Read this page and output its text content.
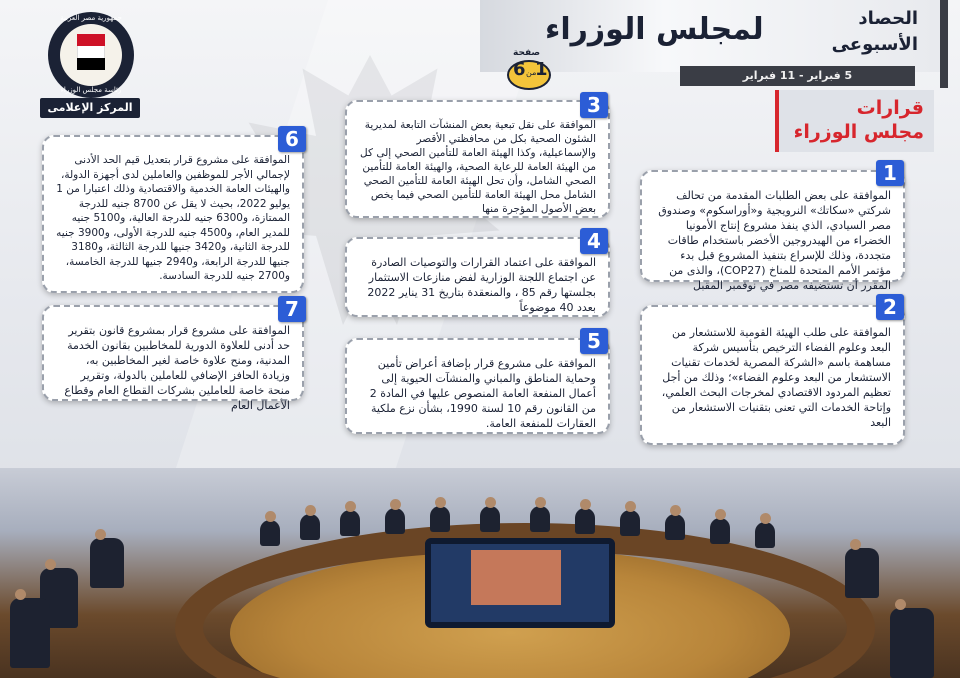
لمجلس الوزراء	الحصاد
الأسبوعى
5 فبراير - 11 فبراير
صفحة
1
من
6
قرارات
مجلس الوزراء
جمهورية مصر العربية
رئاسة مجلس الوزراء
المركز الإعلامى
الموافقة على بعض الطلبات المقدمة من تحالف شركتي «سكاتك» النرويجية و«أوراسكوم» وصندوق مصر السيادي، الذي ينفذ مشروع إنتاج الأمونيا الخضراء من الهيدروجين الأخضر باستخدام طاقات متجددة، وذلك للإسراع بتنفيذ المشروع قبل بدء مؤتمر الأمم المتحدة للمناخ (COP27)، والذى من المقرر أن تستضيفه مصر في نوفمبر المقبل
1
الموافقة على طلب الهيئة القومية للاستشعار من البعد وعلوم الفضاء الترخيص بتأسيس شركة مساهمة باسم «الشركة المصرية لخدمات تقنيات الاستشعار من البعد وعلوم الفضاء»؛ وذلك من أجل تعظيم المردود الاقتصادي لمخرجات البحث العلمي، وإتاحة الخدمات التي تعنى بتقنيات الاستشعار من البعد
2
الموافقة على نقل تبعية بعض المنشآت التابعة لمديرية الشئون الصحية بكل من محافظتي الأقصر والإسماعيلية، وكذا الهيئة العامة للتأمين الصحي إلى كل من الهيئة العامة للرعاية الصحية، والهيئة العامة للتأمين الصحي الشامل، وأن تحل الهيئة العامة للتأمين الصحي الشامل محل الهيئة العامة للتأمين الصحي فيما يخص بعض الأصول المؤجرة منها
3
الموافقة على اعتماد القرارات والتوصيات الصادرة عن اجتماع اللجنة الوزارية لفض منازعات الاستثمار بجلستها رقم 85 ، والمنعقدة بتاريخ 31 يناير 2022 بعدد 40 موضوعاً
4
الموافقة على مشروع قرار بإضافة أعراض تأمين وحماية المناطق والمباني والمنشآت الحيوية إلى أعمال المنفعة العامة المنصوص عليها في المادة 2 من القانون رقم 10 لسنة 1990، بشأن نزع ملكية العقارات للمنفعة العامة.
5
الموافقة على مشروع قرار بتعديل قيم الحد الأدنى لإجمالي الأجر للموظفين والعاملين لدى أجهزة الدولة، والهيئات العامة الخدمية والاقتصادية وذلك اعتبارا من 1 يوليو 2022، بحيث لا يقل عن 8700 جنيه للدرجة الممتازة، و6300 جنيه للدرجة العالية، و5100 جنيه للمدير العام، و4500 جنيه للدرجة الأولى، و3900 جنيه للدرجة الثانية، و3420 جنيها للدرجة الثالثة، و3180 جنيها للدرجة الرابعة، و2940 جنيها للدرجة الخامسة، و2700 جنيه للدرجة السادسة.
6
الموافقة على مشروع قرار بمشروع قانون بتقرير حد أدنى للعلاوة الدورية للمخاطبين بقانون الخدمة المدنية، ومنح علاوة خاصة لغير المخاطبين به، وزيادة الحافز الإضافي للعاملين بالدولة، وتقرير منحة خاصة للعاملين بشركات القطاع العام وقطاع الأعمال العام
7
